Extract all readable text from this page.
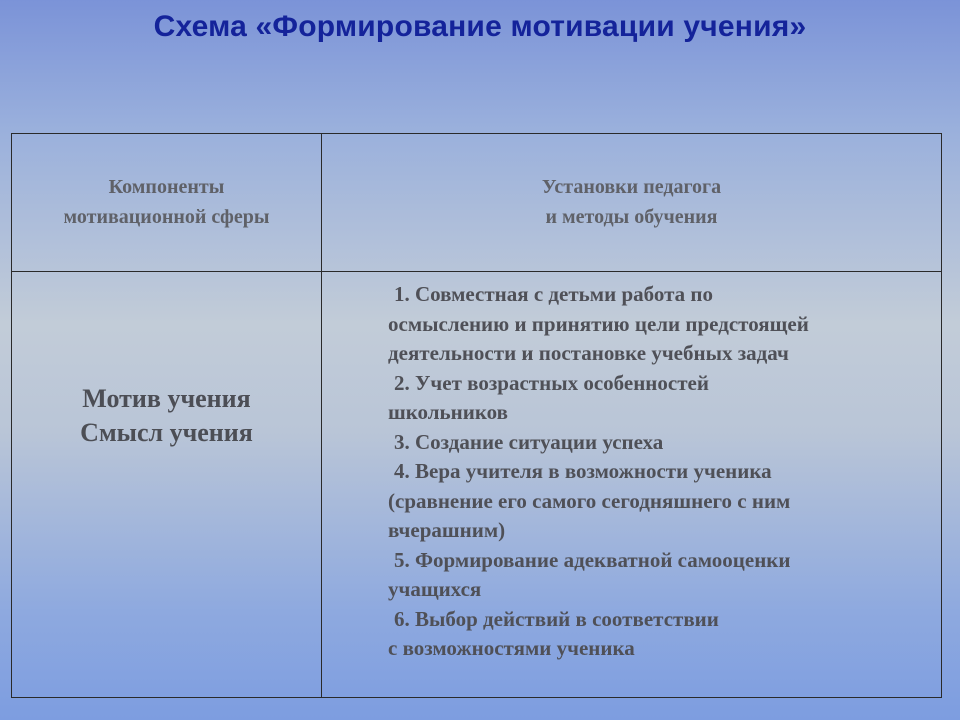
Схема «Формирование мотивации учения»
Компоненты
мотивационной сферы
Установки педагога
и методы обучения
Мотив учения
Смысл учения
1. Совместная с детьми работа по
осмыслению и принятию цели предстоящей
деятельности и постановке учебных задач
2. Учет возрастных особенностей
школьников
3. Создание ситуации успеха
4. Вера учителя в возможности ученика
(сравнение его самого сегодняшнего с ним
вчерашним)
5. Формирование адекватной самооценки
учащихся
6. Выбор действий в соответствии
с возможностями ученика
